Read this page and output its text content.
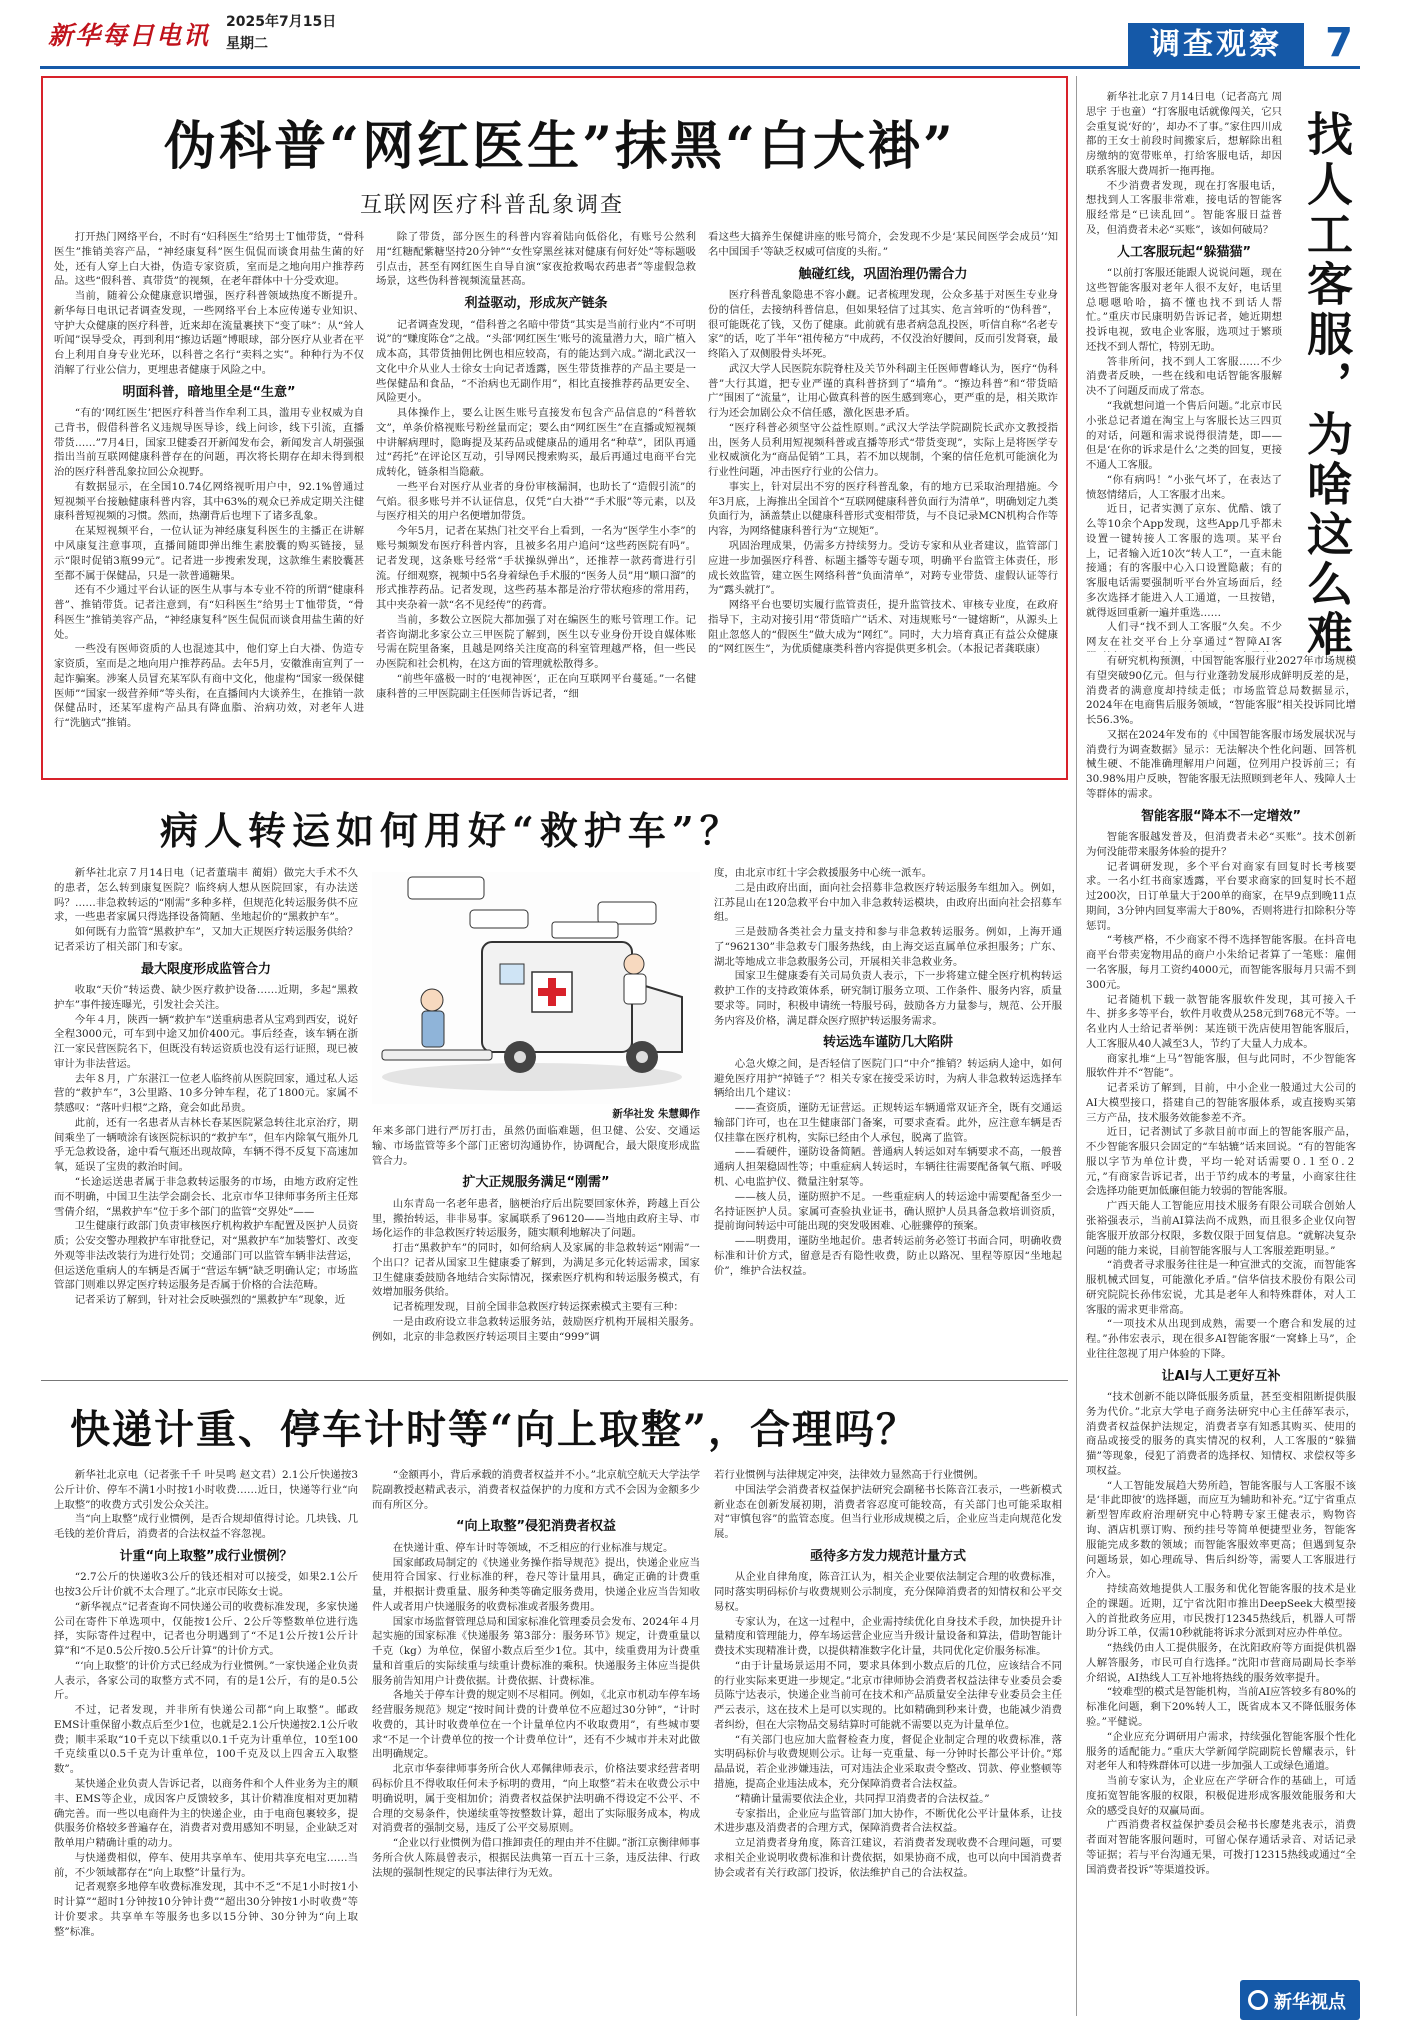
新华每日电讯 2025年7月15日
星期二	调查观察	7
伪科普“网红医生”抹黑“白大褂”
互联网医疗科普乱象调查

打开热门网络平台，不时有“妇科医生”给男士Ｔ恤带货，“骨科医生”推销美容产品，“神经康复科”医生侃侃而谈食用盐生菌的好处，还有人穿上白大褂，伪造专家资质，室而是之地向用户推荐药品。这些“假科普、真带货”的视频，在老年群体中十分受欢迎。

当前，随着公众健康意识增强，医疗科普领域热度不断提升。新华每日电讯记者调查发现，一些网络平台上本应传递专业知识、守护大众健康的医疗科普，近来却在流量裹挟下“变了味”：从“耸人听闻”误导受众，再到利用“擦边话题”博眼球，部分医疗从业者在平台上利用自身专业光环，以科普之名行“卖料之实”。种种行为不仅消解了行业公信力，更埋患者健康于风险之中。

明面科普，暗地里全是“生意”

“有的‘网红医生’把医疗科普当作牟利工具，滥用专业权威为自己背书，假借科普名义违规导医导诊，线上问诊，线下引流，直播带货……”7月4日，国家卫健委召开新闻发布会，新闻发言人胡强强指出当前互联网健康科普存在的问题，再次将长期存在却未得到根治的医疗科普乱象拉回公众视野。

有数据显示，在全国10.74亿网络视听用户中，92.1%曾通过短视频平台接触健康科普内容，其中63%的观众已养成定期关注健康科普短视频的习惯。然而，热潮背后也埋下了诸多乱象。

在某短视频平台，一位认证为神经康复科医生的主播正在讲解中风康复注意事项，直播间随即弹出维生素胶囊的购买链接，显示“限时促销3瓶99元”。记者进一步搜索发现，这款维生素胶囊甚至都不属于保健品，只是一款普通糖果。

还有不少通过平台认证的医生从事与本专业不符的所谓“健康科普”、推销带货。记者注意到，有“妇科医生”给男士Ｔ恤带货，“骨科医生”推销美容产品，“神经康复科”医生侃侃而谈食用盐生菌的好处。

一些没有医师资质的人也混迹其中，他们穿上白大褂、伪造专家资质，室而是之地向用户推荐药品。去年5月，安徽淮南宣判了一起诈骗案。涉案人员冒充某军队有商中文化，他虚构“国家一级保健医师”“国家一级营养师”等头衔，在直播间内大谈养生，在推销一款保健品时，还某军虚构产品具有降血脂、治病功效，对老年人进行“洗脑式”推销。

除了带货，部分医生的科普内容着陆向低俗化，有账号公然利用“红糖配紫糖坚持20分钟”“女性穿黑丝袜对健康有何好处”等标题吸引点击，甚至有网红医生自导自演“家夜抢救喝农药患者”等虚假急救场景，这些伪科普视频流量甚高。

利益驱动，形成灰产链条

记者调查发现，“借科普之名暗中带货”其实是当前行业内“不可明说”的“赚度陈仓”之战。“头部‘网红医生’账号的流量潜力大，暗广植入成本高，其带货抽佣比例也相应较高，有的能达到六成。”湖北武汉一文化中介从业人士徐女士向记者透露，医生带货推荐的产品主要是一些保健品和食品，“不治病也无副作用”，相比直接推荐药品更安全、风险更小。

具体操作上，要么让医生账号直接发布包含产品信息的“科普软文”，单条价格视账号粉丝量而定；要么由“网红医生”在直播或短视频中讲解病理时，隐晦提及某药品或健康品的通用名“种草”，团队再通过“药托”在评论区互动，引导网民搜索购买，最后再通过电商平台完成转化，链条相当隐蔽。

一些平台对医疗从业者的身份审核漏洞，也助长了“造假引流”的气焰。很多账号并不认证信息，仅凭“白大褂”“手术服”等元素，以及与医疗相关的用户名便增加带货。

今年5月，记者在某热门社交平台上看到，一名为“医学生小李”的账号频频发布医疗科普内容，且被多名用户追问“这些药医院有吗”。记者发现，这条账号经常“手状操纵弹出”，还推荐一款药膏进行引流。仔细观察，视频中5名身着绿色手术服的“医务人员”用“顺口溜”的形式推荐药品。记者发现，这些药基本都是治疗带状疱疹的常用药，其中夹杂着一款“名不见经传”的药膏。

当前，多数公立医院大都加强了对在编医生的账号管理工作。记者咨询湖北多家公立三甲医院了解到，医生以专业身份开设自媒体账号需在院里备案，且越是网络关注度高的科室管理越严格，但一些民办医院和社会机构，在这方面的管理就松散得多。

“前些年盛极一时的‘电视神医’，正在向互联网平台蔓延。”一名健康科普的三甲医院副主任医师告诉记者，“细

看这些大搞养生保健讲座的账号简介，会发现不少是‘某民间医学会成员’‘知名中国国手’等缺乏权威可信度的头衔。”

触碰红线，巩固治理仍需合力

医疗科普乱象隐患不容小觑。记者梳理发现，公众多基于对医生专业身份的信任，去接纳科普信息，但如果轻信了过其实、危言耸听的“伪科普”，很可能既花了钱，又伤了健康。此前就有患者病急乱投医，听信自称“名老专家”的话，吃了半年“祖传秘方”中成药，不仅没治好腰间，反而引发肾衰，最终陷入了双侧股骨头坏死。

武汉大学人民医院东院脊柱及关节外科副主任医师曹峰认为，医疗“伪科普”大行其道，把专业严谨的真科普挤到了“墙角”。“擦边科普”和“带货暗广”围困了“流量”，让用心做真科普的医生感到寒心，更严重的是，相关欺诈行为还会加剧公众不信任感，激化医患矛盾。

“医疗科普必须坚守公益性原则。”武汉大学法学院副院长武亦文教授指出，医务人员利用短视频科普或直播等形式“带货变现”，实际上是将医学专业权威演化为“商品促销”工具，若不加以规制，个案的信任危机可能演化为行业性问题，冲击医疗行业的公信力。

事实上，针对层出不穷的医疗科普乱象，有的地方已采取治理措施。今年3月底，上海推出全国首个“互联网健康科普负面行为清单”，明确划定九类负面行为，涵盖禁止以健康科普形式变相带货，与不良记录MCN机构合作等内容，为网络健康科普行为“立规矩”。

巩固治理成果，仍需多方持续努力。受访专家和从业者建议，监管部门应进一步加强医疗科普、标题主播等专题专项，明确平台监管主体责任，形成长效监管，建立医生网络科普“负面清单”，对跨专业带货、虚假认证等行为“露头就打”。

网络平台也要切实履行监管责任，提升监管技术、审核专业度，在政府指导下，主动对接引用“带货暗广”话术、对违规账号“一键熔断”，从源头上阻止忽悠人的“假医生”做大成为“网红”。同时，大力培育真正有益公众健康的“网红医生”，为优质健康类科普内容提供更多机会。（本报记者龚联康）

新华社北京７月14日电（记者高亢 周思宇 于也童）“打客服电话就像闯关，它只会重复说‘好的’，却办不了事。”家住四川成都的王女士前段时间搬家后，想解除出租房缴纳的宽带账单，打给客服电话，却因联系客服大费周折一拖再拖。

不少消费者发现，现在打客服电话，想找到人工客服非常难，接电话的智能客服经常是“已读乱回”。智能客服日益普及，但消费者未必“买账”，该如何破局？

人工客服玩起“躲猫猫”

“以前打客服还能跟人说说问题，现在这些智能客服对老年人很不友好，电话里总嗯嗯哈哈，搞不懂也找不到话人帮忙。”重庆市民康明奶告诉记者，她近期想投诉电视，致电企业客服，选项过于繁琐还找不到人帮忙，特别无助。

答非所问，找不到人工客服……不少消费者反映，一些在线和电话智能客服解决不了问题反而成了常态。

“我就想问道一个售后问题。”北京市民小张总记者道在淘宝上与客服长达三四页的对话，问题和需求说得很清楚，即——但是‘在你的诉求是什么’之类的回复，更接不通人工客服。

“你有病吗！”小张气坏了，在表达了愤怒情绪后，人工客服才出来。

近日，记者实测了京东、优酷、饿了么等10余个App发现，这些App几乎都未设置一键转接人工客服的选项。某平台上，记者输入近10次“转人工”，一直未能接通；有的客服中心入口设置隐蔽；有的客服电话需要强制听平台外宣场面后，经多次选择才能进入人工通道，一旦按错，就得返回重新一遍并重选……

人们寻“找不到人工客服”久矣。不少网友在社交平台上分享通过“智障AI客 找人工客服，为啥这么难

有研究机构预测，中国智能客服行业2027年市场规模有望突破90亿元。但与行业蓬勃发展形成鲜明反差的是，消费者的满意度却持续走低；市场监管总局数据显示，2024年在电商售后服务领域，“智能客服”相关投诉同比增长56.3%。

又据在2024年发布的《中国智能客服市场发展状况与消费行为调查数据》显示：无法解决个性化问题、回答机械生硬、不能准确理解用户问题，位列用户投诉前三；有30.98%用户反映，智能客服无法照顾到老年人、残障人士等群体的需求。

智能客服“降本不一定增效”

智能客服越发普及，但消费者未必“买账”。技术创新为何没能带来服务体验的提升？

记者调研发现，多个平台对商家有回复时长考核要求。一名小红书商家透露，平台要求商家的回复时长不超过200次，日订单量大于200单的商家，在早9点到晚11点期间，3分钟内回复率需大于80%，否则将进行扣除积分等惩罚。

“考核严格，不少商家不得不选择智能客服。在抖音电商平台带卖宠物用品的商户小朱给记者算了一笔账：雇佣一名客服，每月工资约4000元，而智能客服每月只需不到300元。

记者随机下载一款智能客服软件发现，其可接入千牛、拼多多等平台，软件月收费从258元到768元不等。一名业内人士给记者举例：某连锁干洗店使用智能客服后，人工客服从40人减至3人，节约了大量人力成本。

商家扎堆“上马”智能客服，但与此同时，不少智能客服软件并不“智能”。

记者采访了解到，目前，中小企业一般通过大公司的AI大模型接口，搭建自己的智能客服体系，或直接购买第三方产品，技术服务效能参差不齐。

近日，记者测试了多款目前市面上的智能客服产品，不少智能客服只会固定的“车轱辘”话来回说。“有的智能客服以字节为单位计费，平均一轮对话需要０.１至０.２元，”有商家告诉记者，出于节约成本的考量，小商家往往会选择功能更加低廉但能力较弱的智能客服。

广西天能人工智能应用技术服务有限公司联合创始人张裕强表示，当前AI算法尚不成熟，而且很多企业仅向智能客服开放部分权限，多数仅限于回复信息。“就解决复杂问题的能力来说，目前智能客服与人工客服差距明显。”

“消费者寻求服务往往是一种宣泄式的交流，而智能客服机械式回复，可能激化矛盾。”信华信技术股份有限公司研究院院长孙伟宏说，尤其是老年人和特殊群体，对人工客服的需求更非常高。

“一项技术从出现到成熟，需要一个磨合和发展的过程。”孙伟宏表示，现在很多AI智能客服“一窝蜂上马”，企业往往忽视了用户体验的下降。

让AI与人工更好互补

“技术创新不能以降低服务质量，甚至变相阻断提供服务为代价。”北京大学电子商务法研究中心主任薛军表示，消费者权益保护法规定，消费者享有知悉其购买、使用的商品或接受的服务的真实情况的权利，人工客服的“躲猫猫”等现象，侵犯了消费者的选择权、知情权、求偿权等多项权益。

“人工智能发展趋大势所趋，智能客服与人工客服不该是‘非此即彼’的选择题，而应互为辅助和补充。”辽宁省重点新型智库政府治理研究中心特聘专家王健表示，购物咨询、酒店机票订购、预约挂号等简单便捷型业务，智能客服能完成多数的领域；而智能客服效率更高；但遇到复杂问题场景，如心理疏导、售后纠纷等，需要人工客服进行介入。

持续高效地提供人工服务和优化智能客服的技术是业企的课题。近期，辽宁省沈阳市推出DeepSeek大模型接入的首批政务应用，市民拨打12345热线后，机器人可帮助分诉工单，仅需10秒就能将诉求分派到对应办件单位。

“热线仍由人工提供服务，在沈阳政府等方面提供机器人解答服务，市民可自行选择。”沈阳市营商局副局长李举介绍说，AI热线人工互补地将热线的服务效率提升。

“较难型的模式是智能机构，当前AI应答较多有80%的标准化问题，剩下20%转人工，既省成本又不降低服务体验。”平健说。

“企业应充分调研用户需求，持续强化智能客服个性化服务的适配能力。”重庆大学新闻学院副院长曾耀表示，针对老年人和特殊群体可以进一步加强人工或绿色通道。

当前专家认为，企业应在产学研合作的基础上，可适度拓宽智能客服的权限，积极促进形成客服效能服务和大众的感受良好的双赢局面。

广西消费者权益保护委员会秘书长廖楚兆表示，消费者面对智能客服问题时，可留心保存通话录音、对话记录等证据；若与平台沟通无果，可拨打12315热线或通过“全国消费者投诉”等渠道投诉。

病人转运如何用好“救护车”？

新华社北京７月14日电（记者董瑞丰 蔺娟）做完大手术不久的患者，怎么转到康复医院？临终病人想从医院回家，有办法送吗？……非急救转运的“刚需”多种多样，但规范化转运服务供不应求，一些患者家属只得选择设备简陋、坐地起价的“黑救护车”。

如何既有力监管“黑救护车”，又加大正规医疗转运服务供给？记者采访了相关部门和专家。

最大限度形成监管合力

收取“天价”转运费、缺少医疗救护设备……近期，多起“黑救护车”事件接连曝光，引发社会关注。

今年４月，陕西一辆“救护车”送重病患者从宝鸡到西安，说好全程3000元，可车到中途又加价400元。事后经查，该车辆在浙江一家民营医院名下，但既没有转运资质也没有运行证照，现已被审计为非法营运。

去年８月，广东湛江一位老人临终前从医院回家，通过私人运营的“救护车”，3公里路、10多分钟车程，花了1800元。家属不禁感叹：“落叶归根”之路，竟会如此昂贵。

此前，还有一名患者从吉林长春某医院紧急转往北京治疗，期间乘坐了一辆喷涂有该医院标识的“救护车”，但车内除氧气瓶外几乎无急救设备，途中看气瓶还出现故障，车辆不得不反复下高速加氧，延误了宝贵的救治时间。

“长途运送患者属于非急救转运服务的市场，由地方政府定性而不明确，中国卫生法学会副会长、北京市华卫律师事务所主任郑雪倩介绍，“黑救护车”位于多个部门的监管“交界处”——

卫生健康行政部门负责审核医疗机构救护车配置及医护人员资质；公安交警办理救护车审批登记，对“黑救护车”加装警灯、改变外观等非法改装行为进行处罚；交通部门可以监管车辆非法营运，但运送危重病人的车辆是否属于“营运车辆”缺乏明确认定；市场监管部门则难以界定医疗转运服务是否属于价格的合法范畴。

记者采访了解到，针对社会反映强烈的“黑救护车”现象，近

新华社发 朱慧卿作

年来多部门进行严厉打击，虽然仍面临难题，但卫健、公安、交通运输、市场监管等多个部门正密切沟通协作，协调配合，最大限度形成监管合力。

扩大正规服务满足“刚需”

山东青岛一名老年患者，脑梗治疗后出院要回家休养，跨越上百公里，搬抬转运，非非易事。家属联系了96120——当地由政府主导、市场化运作的非急救医疗转运服务，随实顺利地解决了问题。

打击“黑救护车”的同时，如何给病人及家属的非急救转运“刚需”一个出口？记者从国家卫生健康委了解到，为满足多元化转运需求，国家卫生健康委鼓励各地结合实际情况，探索医疗机构和转运服务模式，有效增加服务供给。

记者梳理发现，目前全国非急救医疗转运探索模式主要有三种：

一是由政府设立非急救转运服务站，鼓励医疗机构开展相关服务。例如，北京的非急救医疗转运项目主要由“999”调

度，由北京市红十字会救援服务中心统一派车。

二是由政府出面，面向社会招募非急救医疗转运服务车组加入。例如，江苏昆山在120急救平台中加入非急救转运模块，由政府出面向社会招募车组。

三是鼓励各类社会力量支持和参与非急救转运服务。例如，上海开通了“962130”非急救专门服务热线，由上海交运直属单位承担服务；广东、湖北等地成立非急救服务公司，开展相关非急救业务。

国家卫生健康委有关司局负责人表示，下一步将建立健全医疗机构转运救护工作的支持政策体系，研究制订服务立项、工作条件、服务内容，质量要求等。同时，积极申请统一特服号码，鼓励各方力量参与，规范、公开服务内容及价格，满足群众医疗照护转运服务需求。

转运选车谨防几大陷阱

心急火燎之间，是否轻信了医院门口“中介”推销？转运病人途中，如何避免医疗用护“掉链子”？相关专家在接受采访时，为病人非急救转运选择车辆给出几个建议：

——查资质，谨防无证营运。正规转运车辆通常双证齐全，既有交通运输部门许可，也在卫生健康部门备案，可要求查看。此外，应注意车辆是否仅挂靠在医疗机构，实际已经由个人承包，脱离了监管。

——看硬件，谨防设备简陋。普通病人转运如对车辆要求不高，一般普通病人担架稳固性等；中重症病人转运时，车辆往往需要配备氧气瓶、呼吸机、心电监护仪、微量注射泵等。

——核人员，谨防照护不足。一些重症病人的转运途中需要配备至少一名持证医护人员。家属可查验执业证书，确认照护人员具备急救培训资质，提前询问转运中可能出现的突发吸困难、心脏骤停的预案。

——明费用，谨防坐地起价。患者转运前务必签订书面合同，明确收费标准和计价方式，留意是否有隐性收费，防止以路况、里程等原因“坐地起价”，维护合法权益。

快递计重、停车计时等“向上取整”，合理吗？

新华社北京电（记者张千千 叶昊鸣 赵文君）2.1公斤快递按3公斤计价、停车不满1小时按1小时收费……近日，快递等行业“向上取整”的收费方式引发公众关注。

当“向上取整”成行业惯例，是否合规却值得讨论。几块钱、几毛钱的差价背后，消费者的合法权益不容忽视。

计重“向上取整”成行业惯例？

“2.7公斤的快递收3公斤的钱还相对可以接受，如果2.1公斤也按3公斤计价就不太合理了。”北京市民陈女士说。

“新华视点”记者查询不同快递公司的收费标准发现，多家快递公司在寄件下单选项中，仅能按1公斤、2公斤等整数单位进行选择，实际寄件过程中，记者也分明遇到了“不足1公斤按1公斤计算”和“不足0.5公斤按0.5公斤计算”的计价方式。

“‘向上取整’的计价方式已经成为行业惯例。”一家快递企业负责人表示，各家公司的取整方式不同，有的是1公斤，有的是0.5公斤。

不过，记者发现，并非所有快递公司都“向上取整”。邮政EMS计重保留小数点后至少1位，也就是2.1公斤快递按2.1公斤收费；顺丰采取“10千克以下续重以0.1千克为计重单位，10至100千克续重以0.5千克为计重单位，100千克及以上四舍五入取整数”。

某快递企业负责人告诉记者，以商务件和个人件业务为主的顺丰、EMS等企业，成因客户反馈较多，其计价精准度相对更加精确完善。而一些以电商件为主的快递企业，由于电商包裹较多，提供服务价格较多普遍存在，消费者对费用感知不明显，企业缺乏对散单用户精确计重的动力。

与快递费相似，停车、使用共享单车、使用共享充电宝……当前，不少领域都存在“向上取整”计量行为。

记者观察多地停车收费标准发现，其中不乏“不足1小时按1小时计算”“超时1分钟按10分钟计费”“超出30分钟按1小时收费”等计价要求。共享单车等服务也多以15分钟、30分钟为“向上取整”标准。

“金额再小，背后承载的消费者权益并不小。”北京航空航天大学法学院副教授赵精武表示，消费者权益保护的力度和方式不会因为金额多少而有所区分。

“向上取整”侵犯消费者权益

在快递计重、停车计时等领域，不乏相应的行业标准与规定。

国家邮政局制定的《快递业务操作指导规范》提出，快递企业应当使用符合国家、行业标准的秤，卷尺等计量用具，确定正确的计费重量，并根据计费重量、服务种类等确定服务费用，快递企业应当告知收件人或者用户快递服务的收费标准或者服务费用。

国家市场监督管理总局和国家标准化管理委员会发布、2024年４月起实施的国家标准《快递服务 第3部分：服务环节》规定，计费重量以千克（kg）为单位，保留小数点后至少1位。其中，续重费用为计费重量和首重后的实际续重与续重计费标准的乘积。快递服务主体应当提供服务前告知用户计费依据。计费依据、计费标准。

各地关于停车计费的规定则不尽相同。例如，《北京市机动车停车场经营服务规范》规定“按时间计费的计费单位不应超过30分钟”，“计时收费的，其计时收费单位在一个计量单位内不收取费用”，有些城市要求“不足一个计费单位的按一个计费单位计”，还有不少城市并未对此做出明确规定。

北京市华泰律师事务所合伙人邓佩律师表示，价格法要求经营者明码标价且不得收取任何未予标明的费用，“向上取整”若未在收费公示中明确说明，属于变相加价；消费者权益保护法明确不得设定不公平、不合理的交易条件，快递续重等按整数计算，超出了实际服务成本，构成对消费者的强制交易，违反了公平交易原则。

“企业以行业惯例为借口推卸责任的理由并不住脚。”浙江京衡律师事务所合伙人陈晨曾表示，根据民法典第一百五十三条，违反法律、行政法规的强制性规定的民事法律行为无效。

若行业惯例与法律规定冲突，法律效力显然高于行业惯例。

中国法学会消费者权益保护法研究会副秘书长陈音江表示，一些新模式新业态在创新发展初期，消费者容忍度可能较高，有关部门也可能采取相对“审慎包容”的监管态度。但当行业形成规模之后，企业应当走向规范化发展。

亟待多方发力规范计量方式

从企业自律角度，陈音江认为，相关企业要依法制定合理的收费标准，同时落实明码标价与收费规则公示制度，充分保障消费者的知情权和公平交易权。

专家认为，在这一过程中，企业需持续优化自身技术手段，加快提升计量精度和管理能力，停车场运营企业应当升级计量设备和算法，借助智能计费技术实现精准计费，以提供精准数字化计量，共同优化定价服务标准。

“由于计量场景运用不同，要求具体到小数点后的几位，应该结合不同的行业实际来更进一步规定。”北京市律师协会消费者权益法律专业委员会委员陈宁达表示，快递企业当前可在技术和产品质量安全法律专业委员会主任严云表示，这在技术上是可以实现的。比如精确到秒来计费，也能减少消费者纠纷，但在大宗物品交易结算时可能就不需要以克为计量单位。

“有关部门也应加大监督检查力度，督促企业制定合理的收费标准，落实明码标价与收费规则公示。让每一克重量、每一分钟时长都公平计价。”郑晶晶说，若企业涉嫌违法，可对违法企业采取责令整改、罚款、停业整顿等措施，提高企业违法成本，充分保障消费者合法权益。

“精确计量需要依法企业，共同捍卫消费者的合法权益。”

专家指出，企业应与监管部门加大协作，不断优化公平计量体系，让技术进步惠及消费者的合理方式，保障消费者合法权益。

立足消费者身角度，陈音江建议，若消费者发现收费不合理问题，可要求相关企业说明收费标准和计费依据，如果协商不成，也可以向中国消费者协会或者有关行政部门投诉，依法维护自己的合法权益。

新华视点
